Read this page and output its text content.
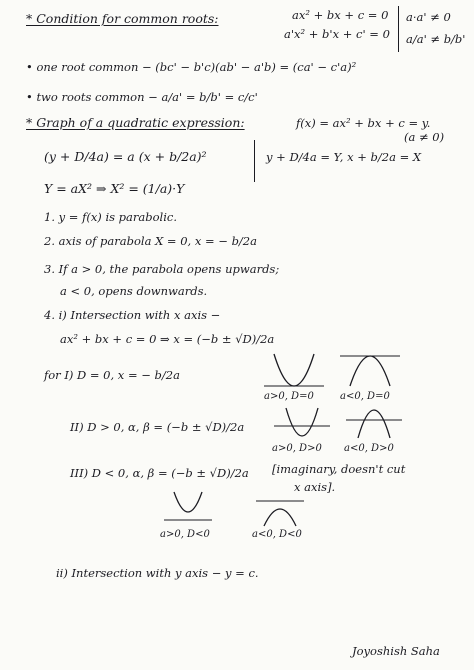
* Condition for common roots:	ax² + bx + c = 0
a'x² + b'x + c' = 0
a·a' ≠ 0
a/a' ≠ b/b'
• one root common − (bc' − b'c)(ab' − a'b) = (ca' − c'a)²
• two roots common − a/a' = b/b' = c/c'
* Graph of a quadratic expression:	f(x) = ax² + bx + c = y.
(a ≠ 0)
(y + D/4a) = a (x + b/2a)²	y + D/4a = Y, x + b/2a = X
Y = aX² ⇒ X² = (1/a)·Y
1. y = f(x) is parabolic.
2. axis of parabola X = 0, x = − b/2a
3. If a > 0, the parabola opens upwards;
a < 0, opens downwards.
4. i) Intersection with x axis −
ax² + bx + c = 0 ⇒ x = (−b ± √D)/2a
for I) D = 0, x = − b/2a
a>0, D=0	a<0, D=0
II) D > 0, α, β = (−b ± √D)/2a
a>0, D>0 a<0, D>0
III) D < 0, α, β = (−b ± √D)/2a [imaginary, doesn't cut
x axis].
a>0, D<0	a<0, D<0
ii) Intersection with y axis − y = c.
Joyoshish Saha
